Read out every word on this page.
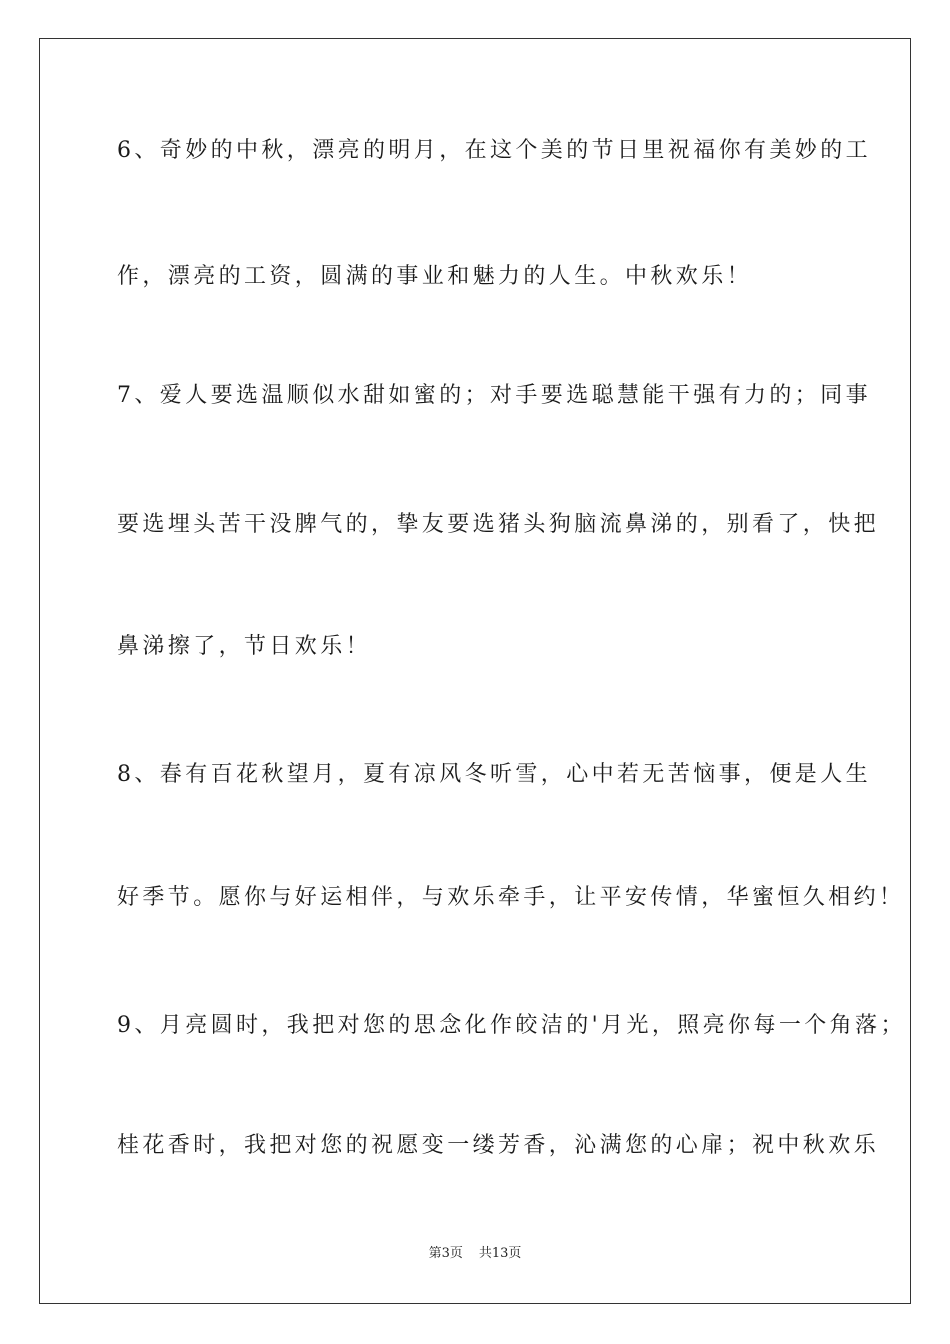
6、奇妙的中秋，漂亮的明月，在这个美的节日里祝福你有美妙的工
作，漂亮的工资，圆满的事业和魅力的人生。中秋欢乐！
7、爱人要选温顺似水甜如蜜的；对手要选聪慧能干强有力的；同事
要选埋头苦干没脾气的，挚友要选猪头狗脑流鼻涕的，别看了，快把
鼻涕擦了，节日欢乐！
8、春有百花秋望月，夏有凉风冬听雪，心中若无苦恼事，便是人生
好季节。愿你与好运相伴，与欢乐牵手，让平安传情，华蜜恒久相约！
9、月亮圆时，我把对您的思念化作皎洁的'月光，照亮你每一个角落；
桂花香时，我把对您的祝愿变一缕芳香，沁满您的心扉；祝中秋欢乐
第3页 共13页
